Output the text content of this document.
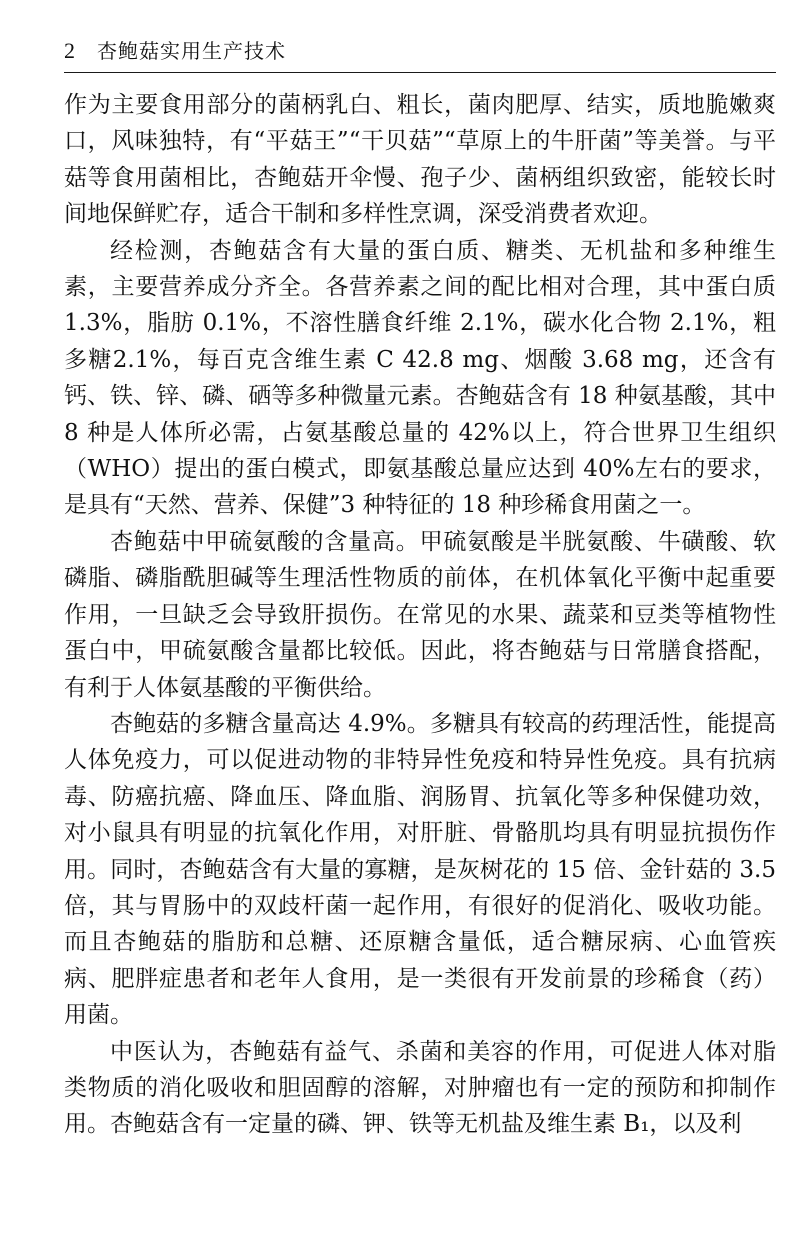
2 杏鲍菇实用生产技术

作为主要食用部分的菌柄乳白、粗长，菌肉肥厚、结实，质地脆嫩爽口，风味独特，有“平菇王”“干贝菇”“草原上的牛肝菌”等美誉。与平菇等食用菌相比，杏鲍菇开伞慢、孢子少、菌柄组织致密，能较长时间地保鲜贮存，适合干制和多样性烹调，深受消费者欢迎。

经检测，杏鲍菇含有大量的蛋白质、糖类、无机盐和多种维生素，主要营养成分齐全。各营养素之间的配比相对合理，其中蛋白质1.3%，脂肪 0.1%，不溶性膳食纤维 2.1%，碳水化合物 2.1%，粗多糖2.1%，每百克含维生素 C 42.8 mg、烟酸 3.68 mg，还含有钙、铁、锌、磷、硒等多种微量元素。杏鲍菇含有 18 种氨基酸，其中 8 种是人体所必需，占氨基酸总量的 42%以上，符合世界卫生组织（WHO）提出的蛋白模式，即氨基酸总量应达到 40%左右的要求，是具有“天然、营养、保健”3 种特征的 18 种珍稀食用菌之一。

杏鲍菇中甲硫氨酸的含量高。甲硫氨酸是半胱氨酸、牛磺酸、软磷脂、磷脂酰胆碱等生理活性物质的前体，在机体氧化平衡中起重要作用，一旦缺乏会导致肝损伤。在常见的水果、蔬菜和豆类等植物性蛋白中，甲硫氨酸含量都比较低。因此，将杏鲍菇与日常膳食搭配，有利于人体氨基酸的平衡供给。

杏鲍菇的多糖含量高达 4.9%。多糖具有较高的药理活性，能提高人体免疫力，可以促进动物的非特异性免疫和特异性免疫。具有抗病毒、防癌抗癌、降血压、降血脂、润肠胃、抗氧化等多种保健功效，对小鼠具有明显的抗氧化作用，对肝脏、骨骼肌均具有明显抗损伤作用。同时，杏鲍菇含有大量的寡糖，是灰树花的 15 倍、金针菇的 3.5 倍，其与胃肠中的双歧杆菌一起作用，有很好的促消化、吸收功能。而且杏鲍菇的脂肪和总糖、还原糖含量低，适合糖尿病、心血管疾病、肥胖症患者和老年人食用，是一类很有开发前景的珍稀食（药）用菌。

中医认为，杏鲍菇有益气、杀菌和美容的作用，可促进人体对脂类物质的消化吸收和胆固醇的溶解，对肿瘤也有一定的预防和抑制作用。杏鲍菇含有一定量的磷、钾、铁等无机盐及维生素 B₁，以及利
